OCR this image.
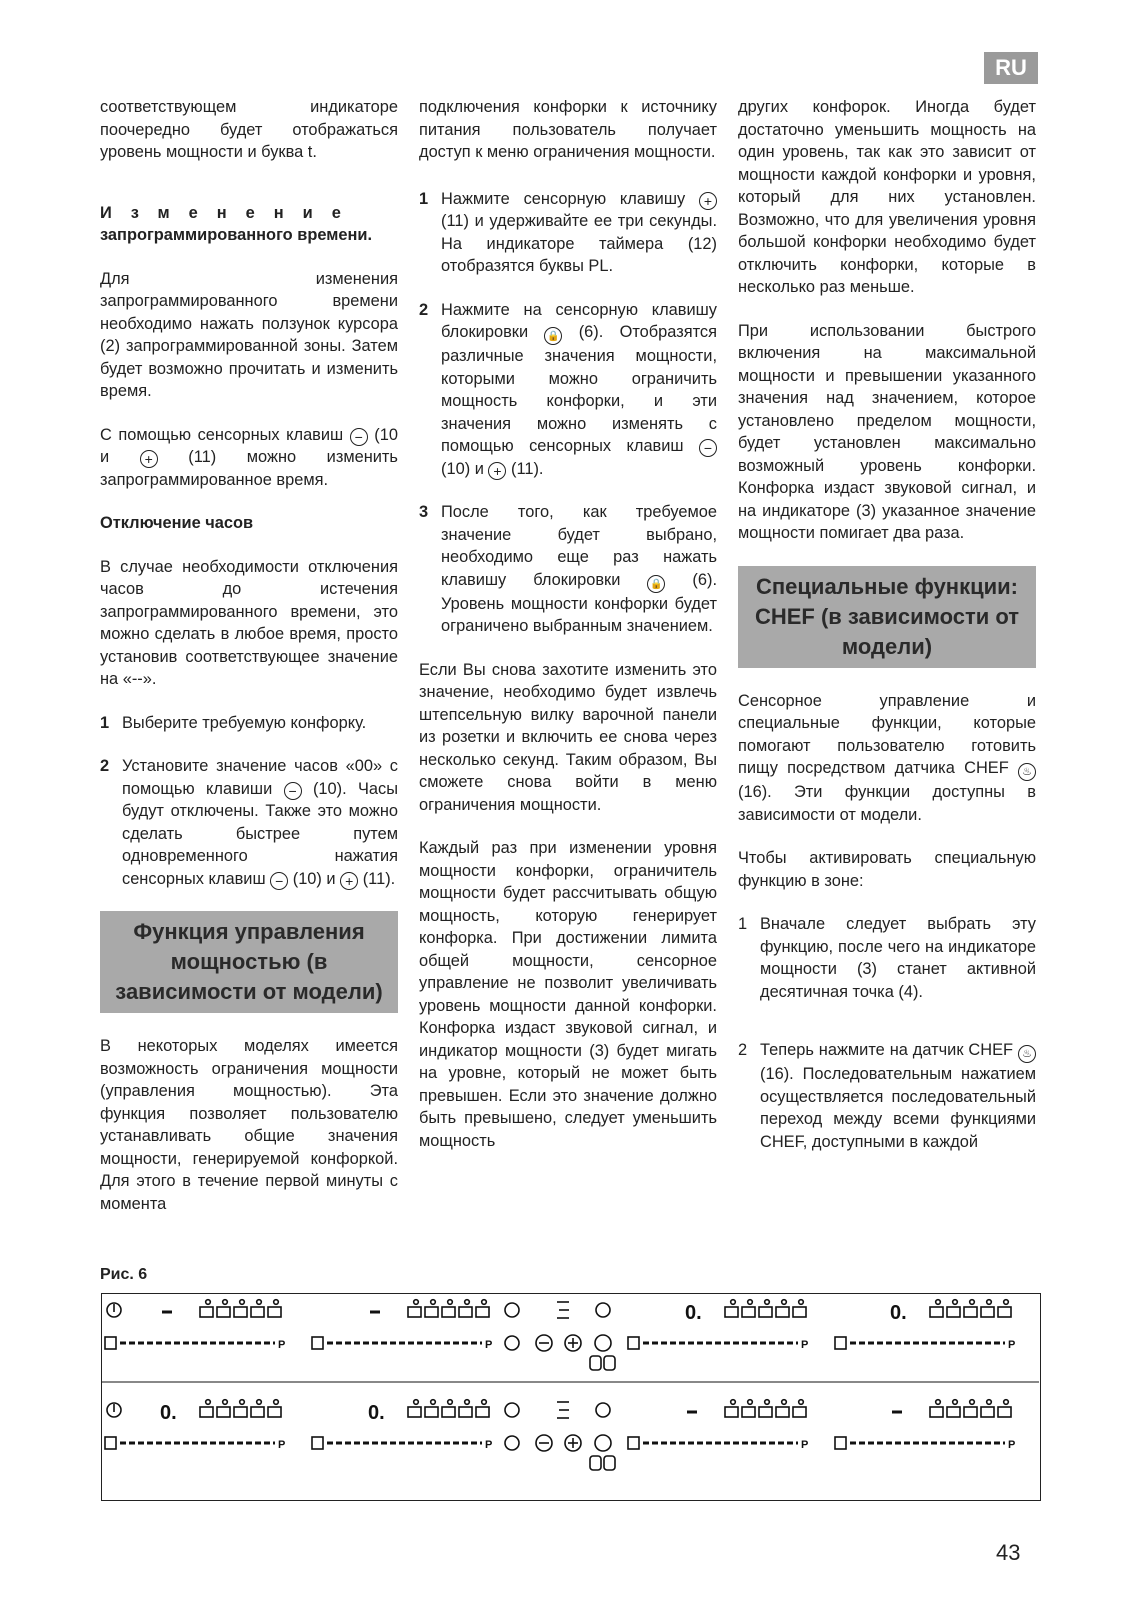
RU

соответствующем индикаторе поочередно будет отображаться уровень мощности и буква t.

Изменение
запрограммированного времени.

Для изменения запрограммированного времени необходимо нажать ползунок курсора (2) запрограммированной зоны. Затем будет возможно прочитать и изменить время.

С помощью сенсорных клавиш − (10 и	+ (11) можно изменить запрограммированное время.

Отключение часов

В случае необходимости отключения часов до истечения запрограммированного времени, это можно сделать в любое время, просто установив соответствующее значение на «--».

1 Выберите требуемую конфорку.
2 Установите значение часов «00» с помощью клавиши − (10). Часы будут отключены. Также это можно сделать быстрее путем одновременного нажатия сенсорных клавиш − (10) и + (11).
Функция управления мощностью (в зависимости от модели)

В некоторых моделях имеется возможность ограничения мощности (управления мощностью). Эта функция позволяет пользователю устанавливать общие значения мощности, генерируемой конфоркой. Для этого в течение первой минуты с момента

подключения конфорки к источнику питания пользователь получает доступ к меню ограничения мощности.

1 Нажмите сенсорную клавишу + (11) и удерживайте ее три секунды. На индикаторе таймера (12) отобразятся буквы PL.
2 Нажмите на сенсорную клавишу блокировки 🔒 (6). Отобразятся различные значения мощности, которыми можно ограничить мощность конфорки, и эти значения можно изменять с помощью сенсорных клавиш − (10) и + (11).
3 После того, как требуемое значение будет выбрано, необходимо еще раз нажать клавишу блокировки	🔒 (6). Уровень мощности конфорки будет ограничено выбранным значением.

Если Вы снова захотите изменить это значение, необходимо будет извлечь штепсельную вилку варочной панели из розетки и включить ее снова через несколько секунд. Таким образом, Вы сможете снова войти в меню ограничения мощности.

Каждый раз при изменении уровня мощности конфорки, ограничитель мощности будет рассчитывать общую мощность, которую генерирует конфорка. При достижении лимита общей мощности, сенсорное управление не позволит увеличивать уровень мощности данной конфорки. Конфорка издаст звуковой сигнал, и индикатор мощности (3) будет мигать на уровне, который не может быть превышен. Если это значение должно быть превышено, следует уменьшить мощность

других конфорок. Иногда будет достаточно уменьшить мощность на один уровень, так как это зависит от мощности каждой конфорки и уровня, который для них установлен. Возможно, что для увеличения уровня большой конфорки необходимо будет отключить конфорки, которые в несколько раз меньше.

При использовании быстрого включения на максимальной мощности и превышении указанного значения над значением, которое установлено пределом мощности, будет установлен максимально возможный уровень конфорки. Конфорка издаст звуковой сигнал, и на индикаторе (3) указанное значение мощности помигает два раза.

Специальные функции: CHEF (в зависимости от модели)

Сенсорное управление и специальные функции, которые помогают пользователю готовить пищу посредством датчика CHEF ♨ (16). Эти функции доступны в зависимости от модели.

Чтобы активировать специальную функцию в зоне:

1 Вначале следует выбрать эту функцию, после чего на индикаторе мощности (3) станет активной десятичная точка (4).
2 Теперь нажмите на датчик CHEF ♨ (16). Последовательным нажатием осуществляется последовательный переход между всеми функциями CHEF, доступными в каждой
Рис. 6
0.	0.
P	P	P	P
0.	0.
P	P	P	P
43
